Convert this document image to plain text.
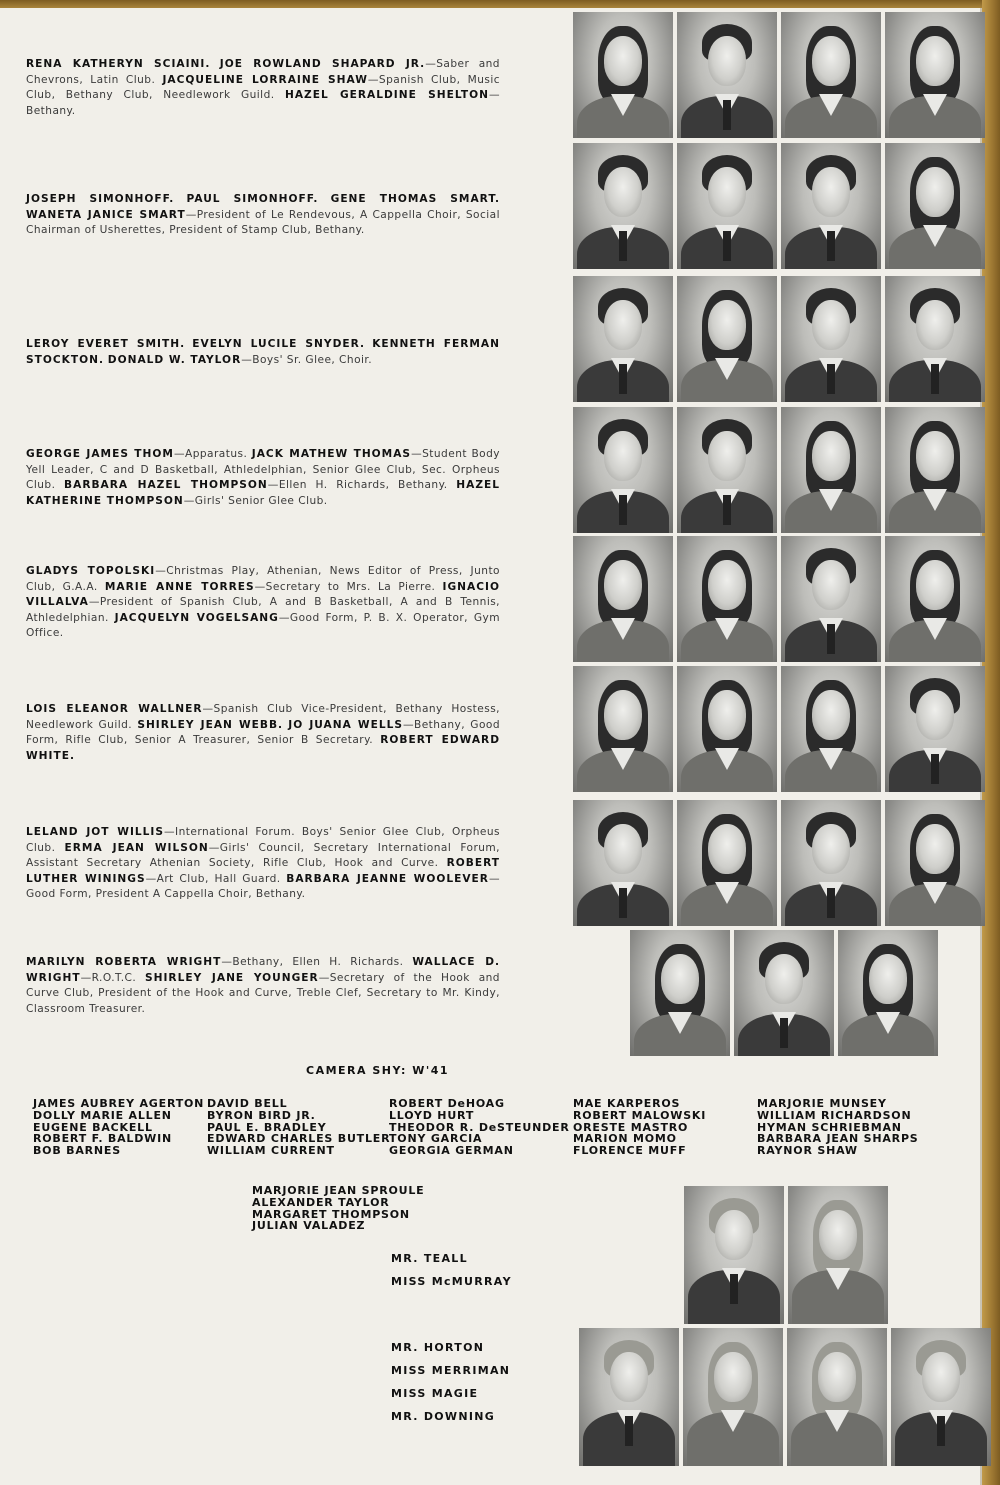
RENA KATHERYN SCIAINI. JOE ROWLAND SHAPARD JR.—Saber and Chevrons, Latin Club. JACQUELINE LORRAINE SHAW—Spanish Club, Music Club, Bethany Club, Needlework Guild. HAZEL GERALDINE SHELTON—Bethany.
JOSEPH SIMONHOFF. PAUL SIMONHOFF. GENE THOMAS SMART. WANETA JANICE SMART—President of Le Rendevous, A Cappella Choir, Social Chairman of Usherettes, President of Stamp Club, Bethany.
LEROY EVERET SMITH. EVELYN LUCILE SNYDER. KENNETH FERMAN STOCKTON. DONALD W. TAYLOR—Boys' Sr. Glee, Choir.
GEORGE JAMES THOM—Apparatus. JACK MATHEW THOMAS—Student Body Yell Leader, C and D Basketball, Athledelphian, Senior Glee Club, Sec. Orpheus Club. BARBARA HAZEL THOMPSON—Ellen H. Richards, Bethany. HAZEL KATHERINE THOMPSON—Girls' Senior Glee Club.
GLADYS TOPOLSKI—Christmas Play, Athenian, News Editor of Press, Junto Club, G.A.A. MARIE ANNE TORRES—Secretary to Mrs. La Pierre. IGNACIO VILLALVA—President of Spanish Club, A and B Basketball, A and B Tennis, Athledelphian. JACQUELYN VOGELSANG—Good Form, P. B. X. Operator, Gym Office.
LOIS ELEANOR WALLNER—Spanish Club Vice-President, Bethany Hostess, Needlework Guild. SHIRLEY JEAN WEBB. JO JUANA WELLS—Bethany, Good Form, Rifle Club, Senior A Treasurer, Senior B Secretary. ROBERT EDWARD WHITE.
LELAND JOT WILLIS—International Forum. Boys' Senior Glee Club, Orpheus Club. ERMA JEAN WILSON—Girls' Council, Secretary International Forum, Assistant Secretary Athenian Society, Rifle Club, Hook and Curve. ROBERT LUTHER WININGS—Art Club, Hall Guard. BARBARA JEANNE WOOLEVER—Good Form, President A Cappella Choir, Bethany.
MARILYN ROBERTA WRIGHT—Bethany, Ellen H. Richards. WALLACE D. WRIGHT—R.O.T.C. SHIRLEY JANE YOUNGER—Secretary of the Hook and Curve Club, President of the Hook and Curve, Treble Clef, Secretary to Mr. Kindy, Classroom Treasurer.
CAMERA SHY: W'41
JAMES AUBREY AGERTON
DOLLY MARIE ALLEN
EUGENE BACKELL
ROBERT F. BALDWIN
BOB BARNES
DAVID BELL
BYRON BIRD JR.
PAUL E. BRADLEY
EDWARD CHARLES BUTLER
WILLIAM CURRENT
ROBERT DeHOAG
LLOYD HURT
THEODOR R. DeSTEUNDER
TONY GARCIA
GEORGIA GERMAN
MAE KARPEROS
ROBERT MALOWSKI
ORESTE MASTRO
MARION MOMO
FLORENCE MUFF
MARJORIE MUNSEY
WILLIAM RICHARDSON
HYMAN SCHRIEBMAN
BARBARA JEAN SHARPS
RAYNOR SHAW
MARJORIE JEAN SPROULE
ALEXANDER TAYLOR
MARGARET THOMPSON
JULIAN VALADEZ
MR. TEALL
MISS McMURRAY
MR. HORTON
MISS MERRIMAN
MISS MAGIE
MR. DOWNING
